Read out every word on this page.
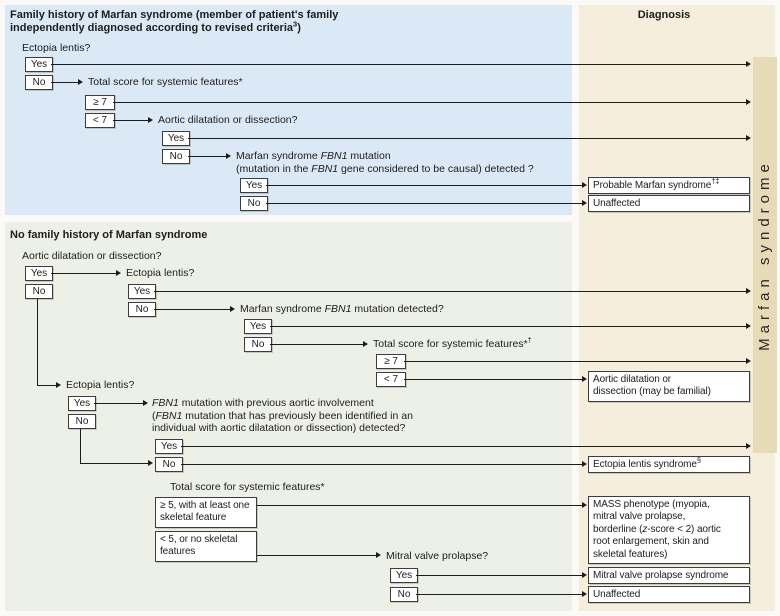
Marfan syndrome
Diagnosis
Family history of Marfan syndrome (member of patient's family
independently diagnosed according to revised criteria$^3$)
Ectopia lentis?
Yes
No	Total score for systemic features*
≥ 7
< 7	Aortic dilatation or dissection?
Yes
No	Marfan syndrome FBN1 mutation
(mutation in the FBN1 gene considered to be causal) detected ?
Yes
No
No family history of Marfan syndrome
Aortic dilatation or dissection?
Yes
No
Ectopia lentis?
Yes
No	Marfan syndrome FBN1 mutation detected?
Yes
No	Total score for systemic features*†
≥ 7
< 7
Ectopia lentis?
Yes
No
FBN1 mutation with previous aortic involvement
(FBN1 mutation that has previously been identified in an
individual with aortic dilatation or dissection) detected?
Yes
No
Total score for systemic features*
≥ 5, with at least one skeletal feature
< 5, or no skeletal features	Mitral valve prolapse?
Yes
No
Probable Marfan syndrome†‡
Unaffected
Aortic dilatation or
dissection (may be familial)
Ectopia lentis syndrome§
MASS phenotype (myopia,
mitral valve prolapse,
borderline (z-score < 2) aortic
root enlargement, skin and
skeletal features)
Mitral valve prolapse syndrome
Unaffected
